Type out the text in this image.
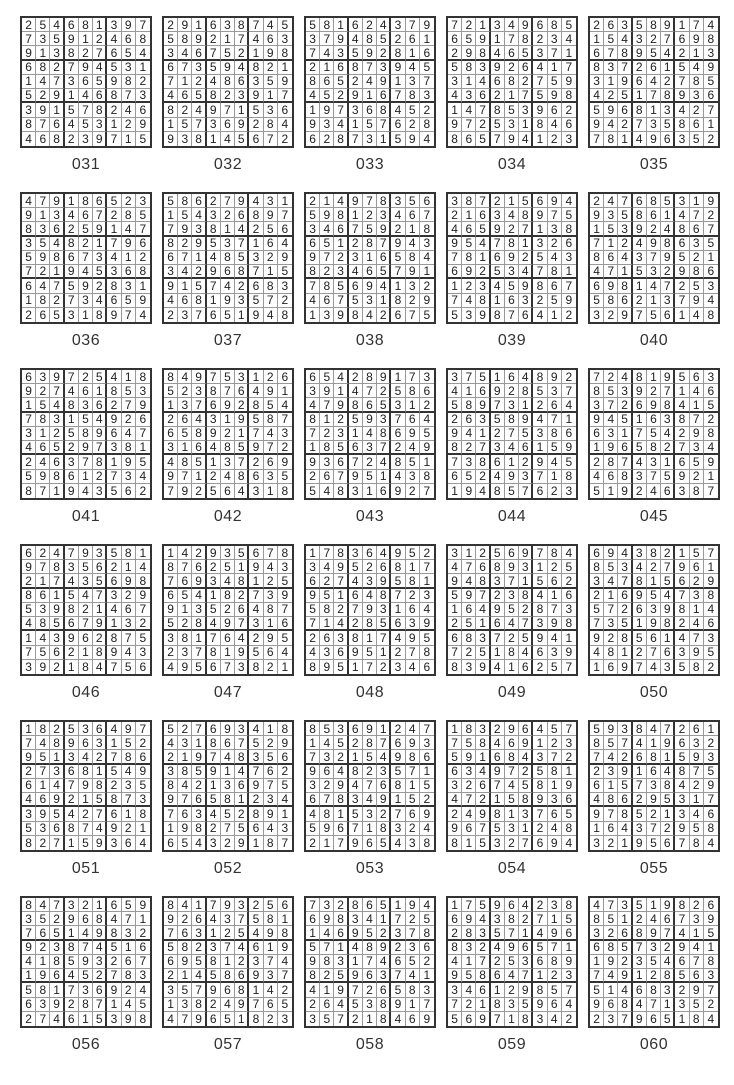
2 5 4 6 8 1 3 9 7
7 3 5 9 1 2 4 6 8
9 1 3 8 2 7 6 5 4
6 8 2 7 9 4 5 3 1
1 4 7 3 6 5 9 8 2
5 2 9 1 4 6 8 7 3
3 9 1 5 7 8 2 4 6
8 7 6 4 5 3 1 2 9
4 6 8 2 3 9 7 1 5
031
2 9 1 6 3 8 7 4 5
5 8 9 2 1 7 4 6 3
3 4 6 7 5 2 1 9 8
6 7 3 5 9 4 8 2 1
7 1 2 4 8 6 3 5 9
4 6 5 8 2 3 9 1 7
8 2 4 9 7 1 5 3 6
1 5 7 3 6 9 2 8 4
9 3 8 1 4 5 6 7 2
032
5 8 1 6 2 4 3 7 9
3 7 9 4 8 5 2 6 1
7 4 3 5 9 2 8 1 6
2 1 6 8 7 3 9 4 5
8 6 5 2 4 9 1 3 7
4 5 2 9 1 6 7 8 3
1 9 7 3 6 8 4 5 2
9 3 4 1 5 7 6 2 8
6 2 8 7 3 1 5 9 4
033
7 2 1 3 4 9 6 8 5
6 5 9 1 7 8 2 3 4
2 9 8 4 6 5 3 7 1
5 8 3 9 2 6 4 1 7
3 1 4 6 8 2 7 5 9
4 3 6 2 1 7 5 9 8
1 4 7 8 5 3 9 6 2
9 7 2 5 3 1 8 4 6
8 6 5 7 9 4 1 2 3
034
2 6 3 5 8 9 1 7 4
1 5 4 3 2 7 6 9 8
6 7 8 9 5 4 2 1 3
8 3 7 2 6 1 5 4 9
3 1 9 6 4 2 7 8 5
4 2 5 1 7 8 9 3 6
5 9 6 8 1 3 4 2 7
9 4 2 7 3 5 8 6 1
7 8 1 4 9 6 3 5 2
035
4 7 9 1 8 6 5 2 3
9 1 3 4 6 7 2 8 5
8 3 6 2 5 9 1 4 7
3 5 4 8 2 1 7 9 6
5 9 8 6 7 3 4 1 2
7 2 1 9 4 5 3 6 8
6 4 7 5 9 2 8 3 1
1 8 2 7 3 4 6 5 9
2 6 5 3 1 8 9 7 4
036
5 8 6 2 7 9 4 3 1
1 5 4 3 2 6 8 9 7
7 9 3 8 1 4 2 5 6
8 2 9 5 3 7 1 6 4
6 7 1 4 8 5 3 2 9
3 4 2 9 6 8 7 1 5
9 1 5 7 4 2 6 8 3
4 6 8 1 9 3 5 7 2
2 3 7 6 5 1 9 4 8
037
2 1 4 9 7 8 3 5 6
5 9 8 1 2 3 4 6 7
3 4 6 7 5 9 2 1 8
6 5 1 2 8 7 9 4 3
9 7 2 3 1 6 5 8 4
8 2 3 4 6 5 7 9 1
7 8 5 6 9 4 1 3 2
4 6 7 5 3 1 8 2 9
1 3 9 8 4 2 6 7 5
038
3 8 7 2 1 5 6 9 4
2 1 6 3 4 8 9 7 5
4 6 5 9 2 7 1 3 8
9 5 4 7 8 1 3 2 6
7 8 1 6 9 2 5 4 3
6 9 2 5 3 4 7 8 1
1 2 3 4 5 9 8 6 7
7 4 8 1 6 3 2 5 9
5 3 9 8 7 6 4 1 2
039
2 4 7 6 8 5 3 1 9
9 3 5 8 6 1 4 7 2
1 5 3 9 2 4 8 6 7
7 1 2 4 9 8 6 3 5
8 6 4 3 7 9 5 2 1
4 7 1 5 3 2 9 8 6
6 9 8 1 4 7 2 5 3
5 8 6 2 1 3 7 9 4
3 2 9 7 5 6 1 4 8
040
6 3 9 7 2 5 4 1 8
9 2 7 4 6 1 8 5 3
1 5 4 8 3 6 2 7 9
7 8 3 1 5 4 9 2 6
3 1 2 5 8 9 6 4 7
4 6 5 2 9 7 3 8 1
2 4 6 3 7 8 1 9 5
5 9 8 6 1 2 7 3 4
8 7 1 9 4 3 5 6 2
041
8 4 9 7 5 3 1 2 6
5 2 3 8 7 6 4 9 1
1 3 7 6 9 2 8 5 4
2 6 4 3 1 9 5 8 7
6 5 8 9 2 1 7 4 3
3 1 6 4 8 5 9 7 2
4 8 5 1 3 7 2 6 9
9 7 1 2 4 8 6 3 5
7 9 2 5 6 4 3 1 8
042
6 5 4 2 8 9 1 7 3
3 9 1 4 7 2 5 8 6
4 7 9 8 6 5 3 1 2
8 1 2 5 9 3 7 6 4
7 2 3 1 4 8 6 9 5
1 8 5 6 3 7 2 4 9
9 3 6 7 2 4 8 5 1
2 6 7 9 5 1 4 3 8
5 4 8 3 1 6 9 2 7
043
3 7 5 1 6 4 8 9 2
4 1 6 9 2 8 5 3 7
5 8 9 7 3 1 2 6 4
2 6 3 5 8 9 4 7 1
9 4 1 2 7 5 3 8 6
8 2 7 3 4 6 1 5 9
7 3 8 6 1 2 9 4 5
6 5 2 4 9 3 7 1 8
1 9 4 8 5 7 6 2 3
044
7 2 4 8 1 9 5 6 3
8 5 3 9 2 7 1 4 6
3 7 2 6 9 8 4 1 5
9 4 5 1 6 3 8 7 2
6 3 1 7 5 4 2 9 8
1 9 6 5 8 2 7 3 4
2 8 7 4 3 1 6 5 9
4 6 8 3 7 5 9 2 1
5 1 9 2 4 6 3 8 7
045
6 2 4 7 9 3 5 8 1
9 7 8 3 5 6 2 1 4
2 1 7 4 3 5 6 9 8
8 6 1 5 4 7 3 2 9
5 3 9 8 2 1 4 6 7
4 8 5 6 7 9 1 3 2
1 4 3 9 6 2 8 7 5
7 5 6 2 1 8 9 4 3
3 9 2 1 8 4 7 5 6
046
1 4 2 9 3 5 6 7 8
8 7 6 2 5 1 9 4 3
7 6 9 3 4 8 1 2 5
6 5 4 1 8 2 7 3 9
9 1 3 5 2 6 4 8 7
5 2 8 4 9 7 3 1 6
3 8 1 7 6 4 2 9 5
2 3 7 8 1 9 5 6 4
4 9 5 6 7 3 8 2 1
047
1 7 8 3 6 4 9 5 2
3 4 9 5 2 6 8 1 7
6 2 7 4 3 9 5 8 1
9 5 1 6 4 8 7 2 3
5 8 2 7 9 3 1 6 4
7 1 4 2 8 5 6 3 9
2 6 3 8 1 7 4 9 5
4 3 6 9 5 1 2 7 8
8 9 5 1 7 2 3 4 6
048
3 1 2 5 6 9 7 8 4
4 7 6 8 9 3 1 2 5
9 4 8 3 7 1 5 6 2
5 9 7 2 3 8 4 1 6
1 6 4 9 5 2 8 7 3
2 5 1 6 4 7 3 9 8
6 8 3 7 2 5 9 4 1
7 2 5 1 8 4 6 3 9
8 3 9 4 1 6 2 5 7
049
6 9 4 3 8 2 1 5 7
8 5 3 4 2 7 9 6 1
3 4 7 8 1 5 6 2 9
2 1 6 9 5 4 7 3 8
5 7 2 6 3 9 8 1 4
7 3 5 1 9 8 2 4 6
9 2 8 5 6 1 4 7 3
4 8 1 2 7 6 3 9 5
1 6 9 7 4 3 5 8 2
050
1 8 2 5 3 6 4 9 7
7 4 8 9 6 3 1 5 2
9 5 1 3 4 2 7 8 6
2 7 3 6 8 1 5 4 9
6 1 4 7 9 8 2 3 5
4 6 9 2 1 5 8 7 3
3 9 5 4 2 7 6 1 8
5 3 6 8 7 4 9 2 1
8 2 7 1 5 9 3 6 4
051
5 2 7 6 9 3 4 1 8
4 3 1 8 6 7 5 2 9
2 1 9 7 4 8 3 5 6
3 8 5 9 1 4 7 6 2
8 4 2 1 3 6 9 7 5
9 7 6 5 8 1 2 3 4
7 6 3 4 5 2 8 9 1
1 9 8 2 7 5 6 4 3
6 5 4 3 2 9 1 8 7
052
8 5 3 6 9 1 2 4 7
1 4 5 2 8 7 6 9 3
7 3 2 1 5 4 9 8 6
9 6 4 8 2 3 5 7 1
3 2 9 4 7 6 8 1 5
6 7 8 3 4 9 1 5 2
4 8 1 5 3 2 7 6 9
5 9 6 7 1 8 3 2 4
2 1 7 9 6 5 4 3 8
053
1 8 3 2 9 6 4 5 7
7 5 8 4 6 9 1 2 3
5 9 1 6 8 4 3 7 2
6 3 4 9 7 2 5 8 1
3 2 6 7 4 5 8 1 9
4 7 2 1 5 8 9 3 6
2 4 9 8 1 3 7 6 5
9 6 7 5 3 1 2 4 8
8 1 5 3 2 7 6 9 4
054
5 9 3 8 4 7 2 6 1
8 5 7 4 1 9 6 3 2
7 4 2 6 8 1 5 9 3
2 3 9 1 6 4 8 7 5
6 1 5 7 3 8 4 2 9
4 8 6 2 9 5 3 1 7
9 7 8 5 2 1 3 4 6
1 6 4 3 7 2 9 5 8
3 2 1 9 5 6 7 8 4
055
8 4 7 3 2 1 6 5 9
3 5 2 9 6 8 4 7 1
7 6 5 1 4 9 8 3 2
9 2 3 8 7 4 5 1 6
4 1 8 5 9 3 2 6 7
1 9 6 4 5 2 7 8 3
5 8 1 7 3 6 9 2 4
6 3 9 2 8 7 1 4 5
2 7 4 6 1 5 3 9 8
056
8 4 1 7 9 3 2 5 6
9 2 6 4 3 7 5 8 1
7 6 3 1 2 5 4 9 8
5 8 2 3 7 4 6 1 9
6 9 5 8 1 2 3 7 4
2 1 4 5 8 6 9 3 7
3 5 7 9 6 8 1 4 2
1 3 8 2 4 9 7 6 5
4 7 9 6 5 1 8 2 3
057
7 3 2 8 6 5 1 9 4
6 9 8 3 4 1 7 2 5
1 4 6 9 5 2 3 7 8
5 7 1 4 8 9 2 3 6
9 8 3 1 7 4 6 5 2
8 2 5 9 6 3 7 4 1
4 1 9 7 2 6 5 8 3
2 6 4 5 3 8 9 1 7
3 5 7 2 1 8 4 6 9
058
1 7 5 9 6 4 2 3 8
6 9 4 3 8 2 7 1 5
2 8 3 5 7 1 4 9 6
8 3 2 4 9 6 5 7 1
4 1 7 2 5 3 6 8 9
9 5 8 6 4 7 1 2 3
3 4 6 1 2 9 8 5 7
7 2 1 8 3 5 9 6 4
5 6 9 7 1 8 3 4 2
059
4 7 3 5 1 9 8 2 6
8 5 1 2 4 6 7 3 9
3 2 6 8 9 7 4 1 5
6 8 5 7 3 2 9 4 1
1 9 2 3 5 4 6 7 8
7 4 9 1 2 8 5 6 3
5 1 4 6 8 3 2 9 7
9 6 8 4 7 1 3 5 2
2 3 7 9 6 5 1 8 4
060
